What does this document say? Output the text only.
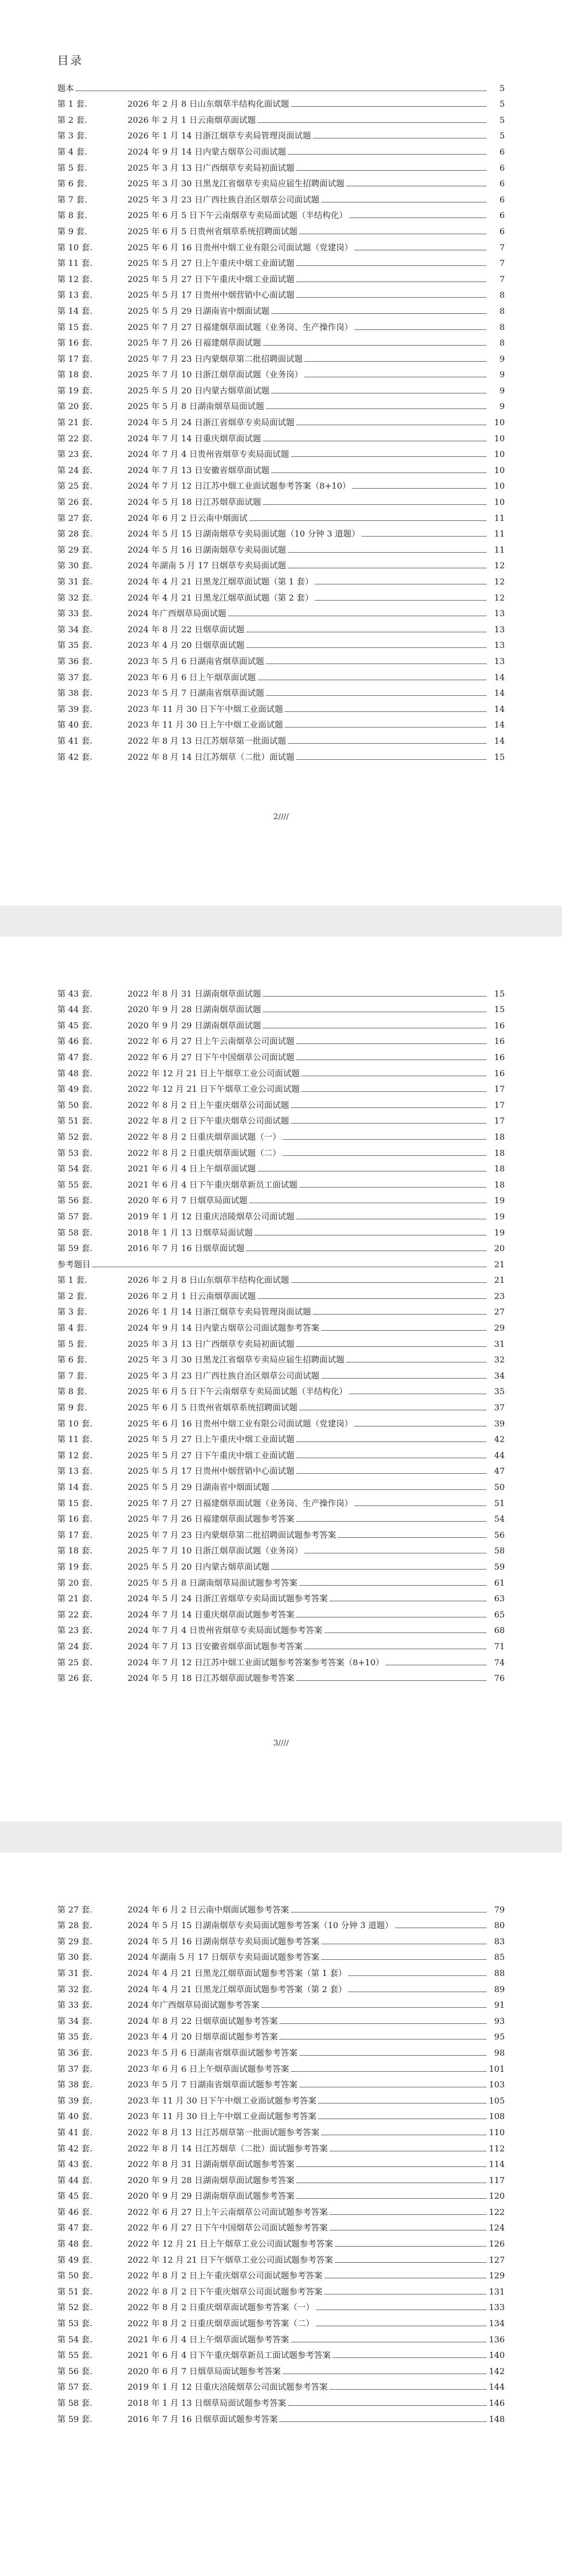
目录
题本	5
第 1 套.	2026 年 2 月 8 日山东烟草半结构化面试题	5
第 2 套.	2026 年 2 月 1 日云南烟草面试题	5
第 3 套.	2026 年 1 月 14 日浙江烟草专卖局管理岗面试题	5
第 4 套.	2024 年 9 月 14 日内蒙古烟草公司面试题	6
第 5 套.	2025 年 3 月 13 日广西烟草专卖局初面试题	6
第 6 套.	2025 年 3 月 30 日黑龙江省烟草专卖局应届生招聘面试题	6
第 7 套.	2025 年 3 月 23 日广西壮族自治区烟草公司面试题	6
第 8 套.	2025 年 6 月 5 日下午云南烟草专卖局面试题（半结构化）	6
第 9 套.	2025 年 6 月 5 日贵州省烟草系统招聘面试题	6
第 10 套.	2025 年 6 月 16 日贵州中烟工业有限公司面试题（党建岗）	7
第 11 套.	2025 年 5 月 27 日上午重庆中烟工业面试题	7
第 12 套.	2025 年 5 月 27 日下午重庆中烟工业面试题	7
第 13 套.	2025 年 5 月 17 日贵州中烟营销中心面试题	8
第 14 套.	2025 年 5 月 29 日湖南省中烟面试题	8
第 15 套.	2025 年 7 月 27 日福建烟草面试题（业务岗、生产操作岗）	8
第 16 套.	2025 年 7 月 26 日福建烟草面试题	8
第 17 套.	2025 年 7 月 23 日内蒙烟草第二批招聘面试题	9
第 18 套.	2025 年 7 月 10 日浙江烟草面试题（业务岗）	9
第 19 套.	2025 年 5 月 20 日内蒙古烟草面试题	9
第 20 套.	2025 年 5 月 8 日湖南烟草局面试题	9
第 21 套.	2024 年 5 月 24 日浙江省烟草专卖局面试题	10
第 22 套.	2024 年 7 月 14 日重庆烟草面试题	10
第 23 套.	2024 年 7 月 4 日贵州省烟草专卖局面试题	10
第 24 套.	2024 年 7 月 13 日安徽省烟草面试题	10
第 25 套.	2024 年 7 月 12 日江苏中烟工业面试题参考答案（8+10）	10
第 26 套.	2024 年 5 月 18 日江苏烟草面试题	10
第 27 套.	2024 年 6 月 2 日云南中烟面试	11
第 28 套.	2024 年 5 月 15 日湖南烟草专卖局面试题（10 分钟 3 道题）	11
第 29 套.	2024 年 5 月 16 日湖南烟草专卖局面试题	11
第 30 套.	2024 年湖南 5 月 17 日烟草专卖局面试题	12
第 31 套.	2024 年 4 月 21 日黑龙江烟草面试题（第 1 套）	12
第 32 套.	2024 年 4 月 21 日黑龙江烟草面试题（第 2 套）	12
第 33 套.	2024 年广西烟草局面试题	13
第 34 套.	2024 年 8 月 22 日烟草面试题	13
第 35 套.	2023 年 4 月 20 日烟草面试题	13
第 36 套.	2023 年 5 月 6 日湖南省烟草面试题	13
第 37 套.	2023 年 6 月 6 日上午烟草面试题	14
第 38 套.	2023 年 5 月 7 日湖南省烟草面试题	14
第 39 套.	2023 年 11 月 30 日下午中烟工业面试题	14
第 40 套.	2023 年 11 月 30 日上午中烟工业面试题	14
第 41 套.	2022 年 8 月 13 日江苏烟草第一批面试题	14
第 42 套.	2022 年 8 月 14 日江苏烟草（二批）面试题	15
2////
第 43 套.	2022 年 8 月 31 日湖南烟草面试题	15
第 44 套.	2020 年 9 月 28 日湖南烟草面试题	15
第 45 套.	2020 年 9 月 29 日湖南烟草面试题	16
第 46 套.	2022 年 6 月 27 日上午云南烟草公司面试题	16
第 47 套.	2022 年 6 月 27 日下午中国烟草公司面试题	16
第 48 套.	2022 年 12 月 21 日上午烟草工业公司面试题	16
第 49 套.	2022 年 12 月 21 日下午烟草工业公司面试题	17
第 50 套.	2022 年 8 月 2 日上午重庆烟草公司面试题	17
第 51 套.	2022 年 8 月 2 日下午重庆烟草公司面试题	17
第 52 套.	2022 年 8 月 2 日重庆烟草面试题（一）	18
第 53 套.	2022 年 8 月 2 日重庆烟草面试题（二）	18
第 54 套.	2021 年 6 月 4 日上午烟草面试题	18
第 55 套.	2021 年 6 月 4 日下午重庆烟草新员工面试题	18
第 56 套.	2020 年 6 月 7 日烟草局面试题	19
第 57 套.	2019 年 1 月 12 日重庆涪陵烟草公司面试题	19
第 58 套.	2018 年 1 月 13 日烟草局面试题	19
第 59 套.	2016 年 7 月 16 日烟草面试题	20
参考题目	21
第 1 套.	2026 年 2 月 8 日山东烟草半结构化面试题	21
第 2 套.	2026 年 2 月 1 日云南烟草面试题	23
第 3 套.	2026 年 1 月 14 日浙江烟草专卖局管理岗面试题	27
第 4 套.	2024 年 9 月 14 日内蒙古烟草公司面试题参考答案	29
第 5 套.	2025 年 3 月 13 日广西烟草专卖局初面试题	31
第 6 套.	2025 年 3 月 30 日黑龙江省烟草专卖局应届生招聘面试题	32
第 7 套.	2025 年 3 月 23 日广西壮族自治区烟草公司面试题	34
第 8 套.	2025 年 6 月 5 日下午云南烟草专卖局面试题（半结构化）	35
第 9 套.	2025 年 6 月 5 日贵州省烟草系统招聘面试题	37
第 10 套.	2025 年 6 月 16 日贵州中烟工业有限公司面试题（党建岗）	39
第 11 套.	2025 年 5 月 27 日上午重庆中烟工业面试题	42
第 12 套.	2025 年 5 月 27 日下午重庆中烟工业面试题	44
第 13 套.	2025 年 5 月 17 日贵州中烟营销中心面试题	47
第 14 套.	2025 年 5 月 29 日湖南省中烟面试题	50
第 15 套.	2025 年 7 月 27 日福建烟草面试题（业务岗、生产操作岗）	51
第 16 套.	2025 年 7 月 26 日福建烟草面试题参考答案	54
第 17 套.	2025 年 7 月 23 日内蒙烟草第二批招聘面试题参考答案	56
第 18 套.	2025 年 7 月 10 日浙江烟草面试题（业务岗）	58
第 19 套.	2025 年 5 月 20 日内蒙古烟草面试题	59
第 20 套.	2025 年 5 月 8 日湖南烟草局面试题参考答案	61
第 21 套.	2024 年 5 月 24 日浙江省烟草专卖局面试题参考答案	63
第 22 套.	2024 年 7 月 14 日重庆烟草面试题参考答案	65
第 23 套.	2024 年 7 月 4 日贵州省烟草专卖局面试题参考答案	68
第 24 套.	2024 年 7 月 13 日安徽省烟草面试题参考答案	71
第 25 套.	2024 年 7 月 12 日江苏中烟工业面试题参考答案参考答案（8+10）	74
第 26 套.	2024 年 5 月 18 日江苏烟草面试题参考答案	76
3////
第 27 套.	2024 年 6 月 2 日云南中烟面试题参考答案	79
第 28 套.	2024 年 5 月 15 日湖南烟草专卖局面试题参考答案（10 分钟 3 道题）	80
第 29 套.	2024 年 5 月 16 日湖南烟草专卖局面试题参考答案	83
第 30 套.	2024 年湖南 5 月 17 日烟草专卖局面试题参考答案	85
第 31 套.	2024 年 4 月 21 日黑龙江烟草面试题参考答案（第 1 套）	88
第 32 套.	2024 年 4 月 21 日黑龙江烟草面试题参考答案（第 2 套）	89
第 33 套.	2024 年广西烟草局面试题参考答案	91
第 34 套.	2024 年 8 月 22 日烟草面试题参考答案	93
第 35 套.	2023 年 4 月 20 日烟草面试题参考答案	95
第 36 套.	2023 年 5 月 6 日湖南省烟草面试题参考答案	98
第 37 套.	2023 年 6 月 6 日上午烟草面试题参考答案	101
第 38 套.	2023 年 5 月 7 日湖南省烟草面试题参考答案	103
第 39 套.	2023 年 11 月 30 日下午中烟工业面试题参考答案	105
第 40 套.	2023 年 11 月 30 日上午中烟工业面试题参考答案	108
第 41 套.	2022 年 8 月 13 日江苏烟草第一批面试题参考答案	110
第 42 套.	2022 年 8 月 14 日江苏烟草（二批）面试题参考答案	112
第 43 套.	2022 年 8 月 31 日湖南烟草面试题参考答案	114
第 44 套.	2020 年 9 月 28 日湖南烟草面试题参考答案	117
第 45 套.	2020 年 9 月 29 日湖南烟草面试题参考答案	120
第 46 套.	2022 年 6 月 27 日上午云南烟草公司面试题参考答案	122
第 47 套.	2022 年 6 月 27 日下午中国烟草公司面试题参考答案	124
第 48 套.	2022 年 12 月 21 日上午烟草工业公司面试题参考答案	126
第 49 套.	2022 年 12 月 21 日下午烟草工业公司面试题参考答案	127
第 50 套.	2022 年 8 月 2 日上午重庆烟草公司面试题参考答案	129
第 51 套.	2022 年 8 月 2 日下午重庆烟草公司面试题参考答案	131
第 52 套.	2022 年 8 月 2 日重庆烟草面试题参考答案（一）	133
第 53 套.	2022 年 8 月 2 日重庆烟草面试题参考答案（二）	134
第 54 套.	2021 年 6 月 4 日上午烟草面试题参考答案	136
第 55 套.	2021 年 6 月 4 日下午重庆烟草新员工面试题参考答案	140
第 56 套.	2020 年 6 月 7 日烟草局面试题参考答案	142
第 57 套.	2019 年 1 月 12 日重庆涪陵烟草公司面试题参考答案	144
第 58 套.	2018 年 1 月 13 日烟草局面试题参考答案	146
第 59 套.	2016 年 7 月 16 日烟草面试题参考答案	148
